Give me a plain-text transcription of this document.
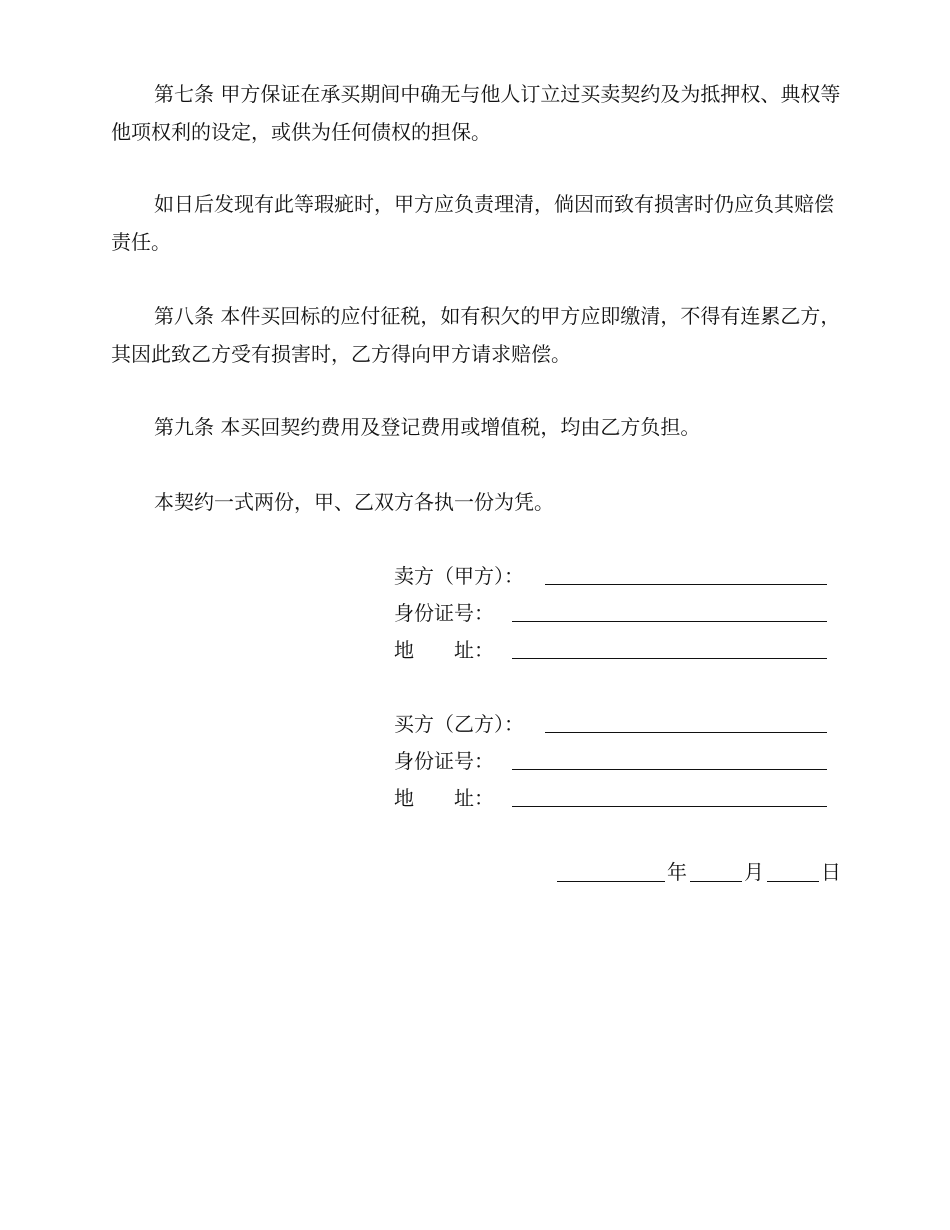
第七条 甲方保证在承买期间中确无与他人订立过买卖契约及为抵押权、典权等他项权利的设定，或供为任何债权的担保。

如日后发现有此等瑕疵时，甲方应负责理清，倘因而致有损害时仍应负其赔偿责任。

第八条 本件买回标的应付征税，如有积欠的甲方应即缴清，不得有连累乙方，其因此致乙方受有损害时，乙方得向甲方请求赔偿。

第九条 本买回契约费用及登记费用或增值税，均由乙方负担。

本契约一式两份，甲、乙双方各执一份为凭。

卖方（甲方）：
身份证号：
地　　址：
买方（乙方）：
身份证号：
地　　址：
年	月	日
